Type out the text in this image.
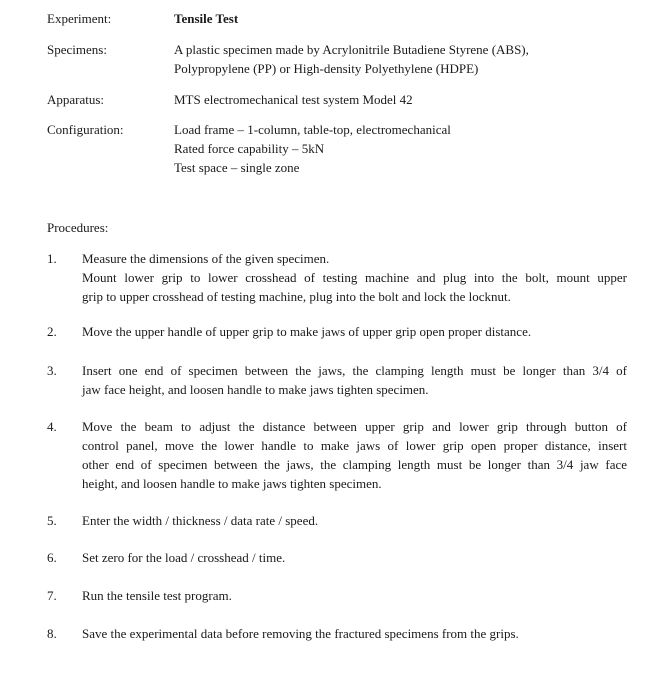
Experiment:	Tensile Test
Specimens:	A plastic specimen made by Acrylonitrile Butadiene Styrene (ABS),
Polypropylene (PP) or High-density Polyethylene (HDPE)
Apparatus:	MTS electromechanical test system Model 42
Configuration:	Load frame – 1-column, table-top, electromechanical
Rated force capability – 5kN
Test space – single zone
Procedures:
1. Measure the dimensions of the given specimen.
Mount lower grip to lower crosshead of testing machine and plug into the bolt, mount upper
grip to upper crosshead of testing machine, plug into the bolt and lock the locknut.
2. Move the upper handle of upper grip to make jaws of upper grip open proper distance.
3. Insert one end of specimen between the jaws, the clamping length must be longer than 3/4 of
jaw face height, and loosen handle to make jaws tighten specimen.
4. Move the beam to adjust the distance between upper grip and lower grip through button of
control panel, move the lower handle to make jaws of lower grip open proper distance, insert
other end of specimen between the jaws, the clamping length must be longer than 3/4 jaw face
height, and loosen handle to make jaws tighten specimen.
5. Enter the width / thickness / data rate / speed.
6. Set zero for the load / crosshead / time.
7. Run the tensile test program.
8. Save the experimental data before removing the fractured specimens from the grips.
